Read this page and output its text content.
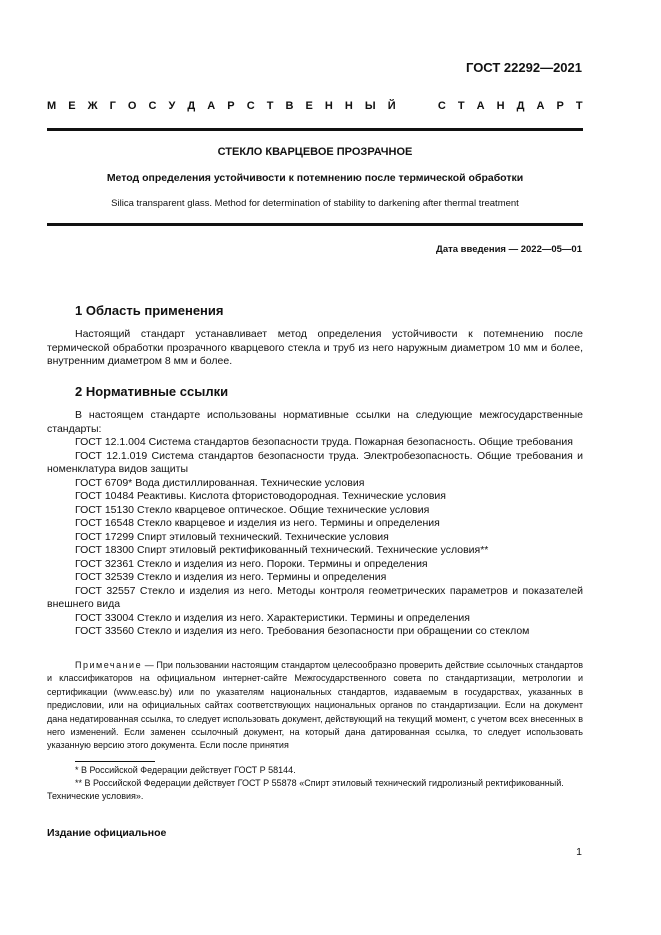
ГОСТ 22292—2021
М Е Ж Г О С У Д А Р С Т В Е Н Н Ы Й

	С Т А Н Д А Р Т
СТЕКЛО КВАРЦЕВОЕ ПРОЗРАЧНОЕ
Метод определения устойчивости к потемнению после термической обработки
Silica transparent glass. Method for determination of stability to darkening after thermal treatment
Дата введения — 2022—05—01
1 Область применения

Настоящий стандарт устанавливает метод определения устойчивости к потемнению после термической обработки прозрачного кварцевого стекла и труб из него наружным диаметром 10 мм и более, внутренним диаметром 8 мм и более.

2 Нормативные ссылки

В настоящем стандарте использованы нормативные ссылки на следующие межгосударственные стандарты:

ГОСТ 12.1.004 Система стандартов безопасности труда. Пожарная безопасность. Общие требования

ГОСТ 12.1.019 Система стандартов безопасности труда. Электробезопасность. Общие требования и номенклатура видов защиты

ГОСТ 6709* Вода дистиллированная. Технические условия

ГОСТ 10484 Реактивы. Кислота фтористоводородная. Технические условия

ГОСТ 15130 Стекло кварцевое оптическое. Общие технические условия

ГОСТ 16548 Стекло кварцевое и изделия из него. Термины и определения

ГОСТ 17299 Спирт этиловый технический. Технические условия

ГОСТ 18300 Спирт этиловый ректификованный технический. Технические условия**

ГОСТ 32361 Стекло и изделия из него. Пороки. Термины и определения

ГОСТ 32539 Стекло и изделия из него. Термины и определения

ГОСТ 32557 Стекло и изделия из него. Методы контроля геометрических параметров и показателей внешнего вида

ГОСТ 33004 Стекло и изделия из него. Характеристики. Термины и определения

ГОСТ 33560 Стекло и изделия из него. Требования безопасности при обращении со стеклом

Примечание — При пользовании настоящим стандартом целесообразно проверить действие ссылочных стандартов и классификаторов на официальном интернет-сайте Межгосударственного совета по стандартизации, метрологии и сертификации (www.easc.by) или по указателям национальных стандартов, издаваемым в государствах, указанных в предисловии, или на официальных сайтах соответствующих национальных органов по стандартизации. Если на документ дана недатированная ссылка, то следует использовать документ, действующий на текущий момент, с учетом всех внесенных в него изменений. Если заменен ссылочный документ, на который дана датированная ссылка, то следует использовать указанную версию этого документа. Если после принятия

* В Российской Федерации действует ГОСТ Р 58144.

** В Российской Федерации действует ГОСТ Р 55878 «Спирт этиловый технический гидролизный ректификованный. Технические условия».

Издание официальное
1
